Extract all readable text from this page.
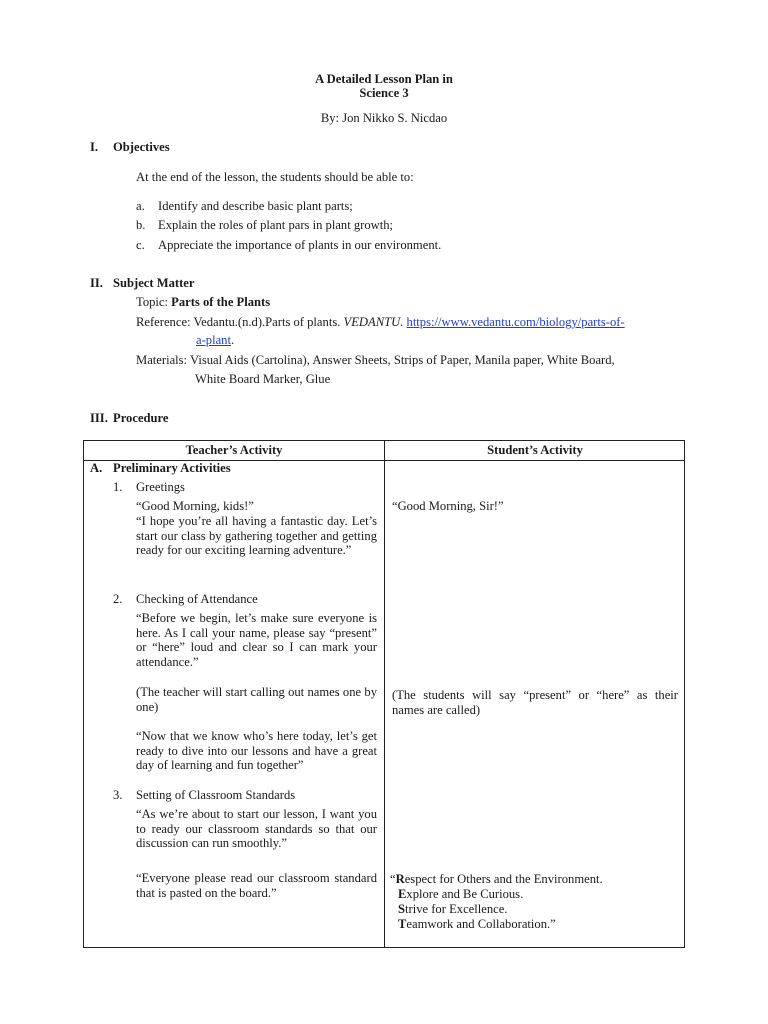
A Detailed Lesson Plan in
Science 3
By: Jon Nikko S. Nicdao
I. Objectives
At the end of the lesson, the students should be able to:
a. Identify and describe basic plant parts;
b. Explain the roles of plant pars in plant growth;
c. Appreciate the importance of plants in our environment.
II. Subject Matter
Topic: Parts of the Plants
Reference: Vedantu.(n.d).Parts of plants. VEDANTU. https://www.vedantu.com/biology/parts-of-
a-plant.
Materials: Visual Aids (Cartolina), Answer Sheets, Strips of Paper, Manila paper, White Board,
White Board Marker, Glue
III. Procedure
Teacher’s Activity	Student’s Activity
A. Preliminary Activities
1. Greetings
“Good Morning, kids!”
“I hope you’re all having a fantastic day. Let’s start our class by gathering together and getting ready for our exciting learning adventure.”
“Good Morning, Sir!”
2. Checking of Attendance
“Before we begin, let’s make sure everyone is here. As I call your name, please say “present” or “here” loud and clear so I can mark your attendance.”
(The teacher will start calling out names one by one)
“Now that we know who’s here today, let’s get ready to dive into our lessons and have a great day of learning and fun together”
(The students will say “present” or “here” as their names are called)
3. Setting of Classroom Standards
“As we’re about to start our lesson, I want you to ready our classroom standards so that our discussion can run smoothly.”
“Everyone please read our classroom standard that is pasted on the board.”
“Respect for Others and the Environment.
Explore and Be Curious.
Strive for Excellence.
Teamwork and Collaboration.”
